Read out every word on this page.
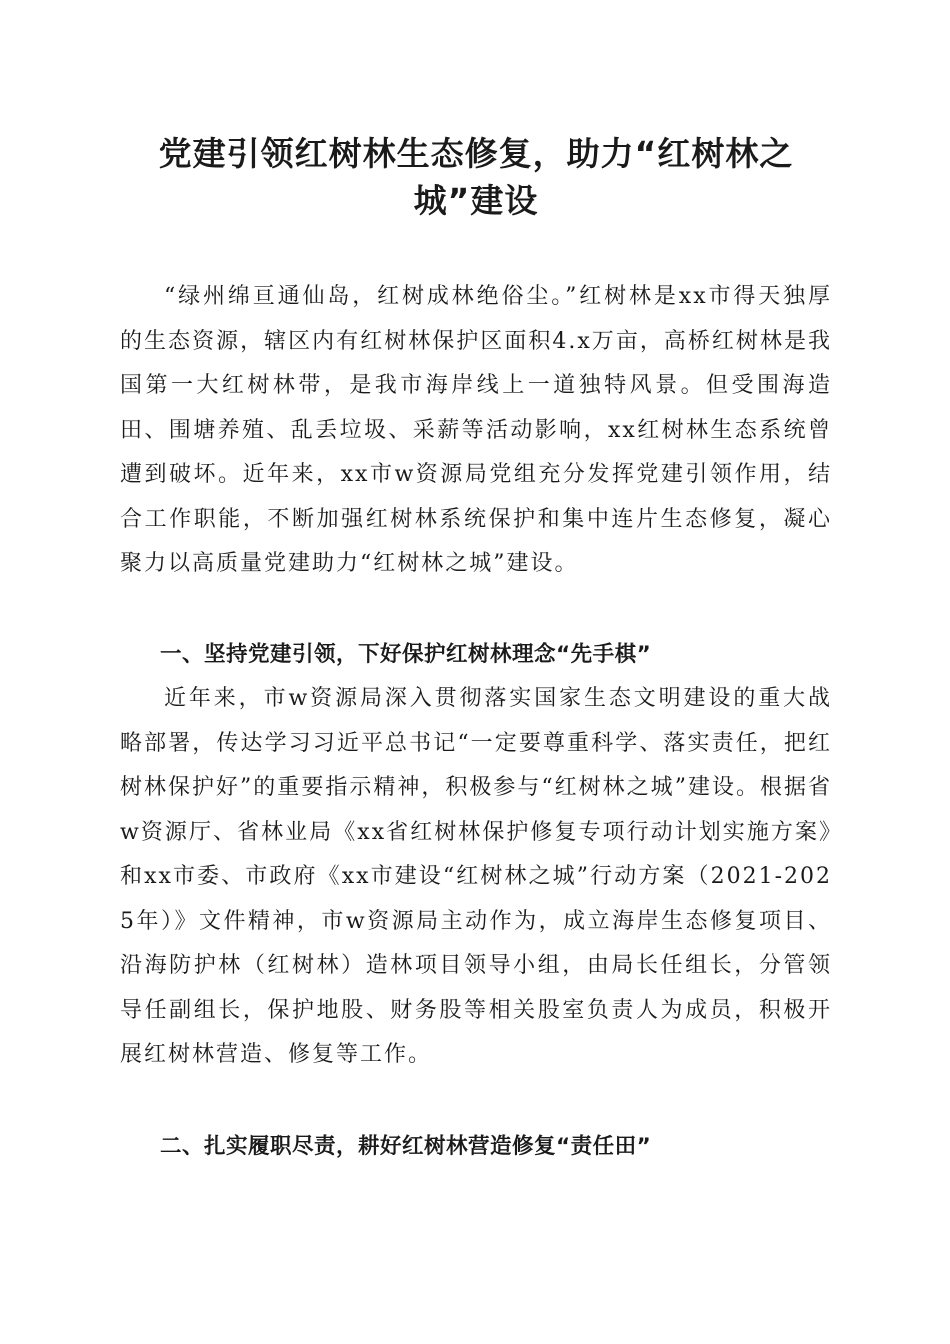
党建引领红树林生态修复，助力“红树林之城”建设

“绿州绵亘通仙岛，红树成林绝俗尘。”红树林是xx市得天独厚的生态资源，辖区内有红树林保护区面积4.x万亩，高桥红树林是我国第一大红树林带，是我市海岸线上一道独特风景。但受围海造田、围塘养殖、乱丢垃圾、采薪等活动影响，xx红树林生态系统曾遭到破坏。近年来，xx市w资源局党组充分发挥党建引领作用，结合工作职能，不断加强红树林系统保护和集中连片生态修复，凝心聚力以高质量党建助力“红树林之城”建设。

一、坚持党建引领，下好保护红树林理念“先手棋”

近年来，市w资源局深入贯彻落实国家生态文明建设的重大战略部署，传达学习习近平总书记“一定要尊重科学、落实责任，把红树林保护好”的重要指示精神，积极参与“红树林之城”建设。根据省w资源厅、省林业局《xx省红树林保护修复专项行动计划实施方案》和xx市委、市政府《xx市建设“红树林之城”行动方案（2021-2025年）》文件精神，市w资源局主动作为，成立海岸生态修复项目、沿海防护林（红树林）造林项目领导小组，由局长任组长，分管领导任副组长，保护地股、财务股等相关股室负责人为成员，积极开展红树林营造、修复等工作。

二、扎实履职尽责，耕好红树林营造修复“责任田”
